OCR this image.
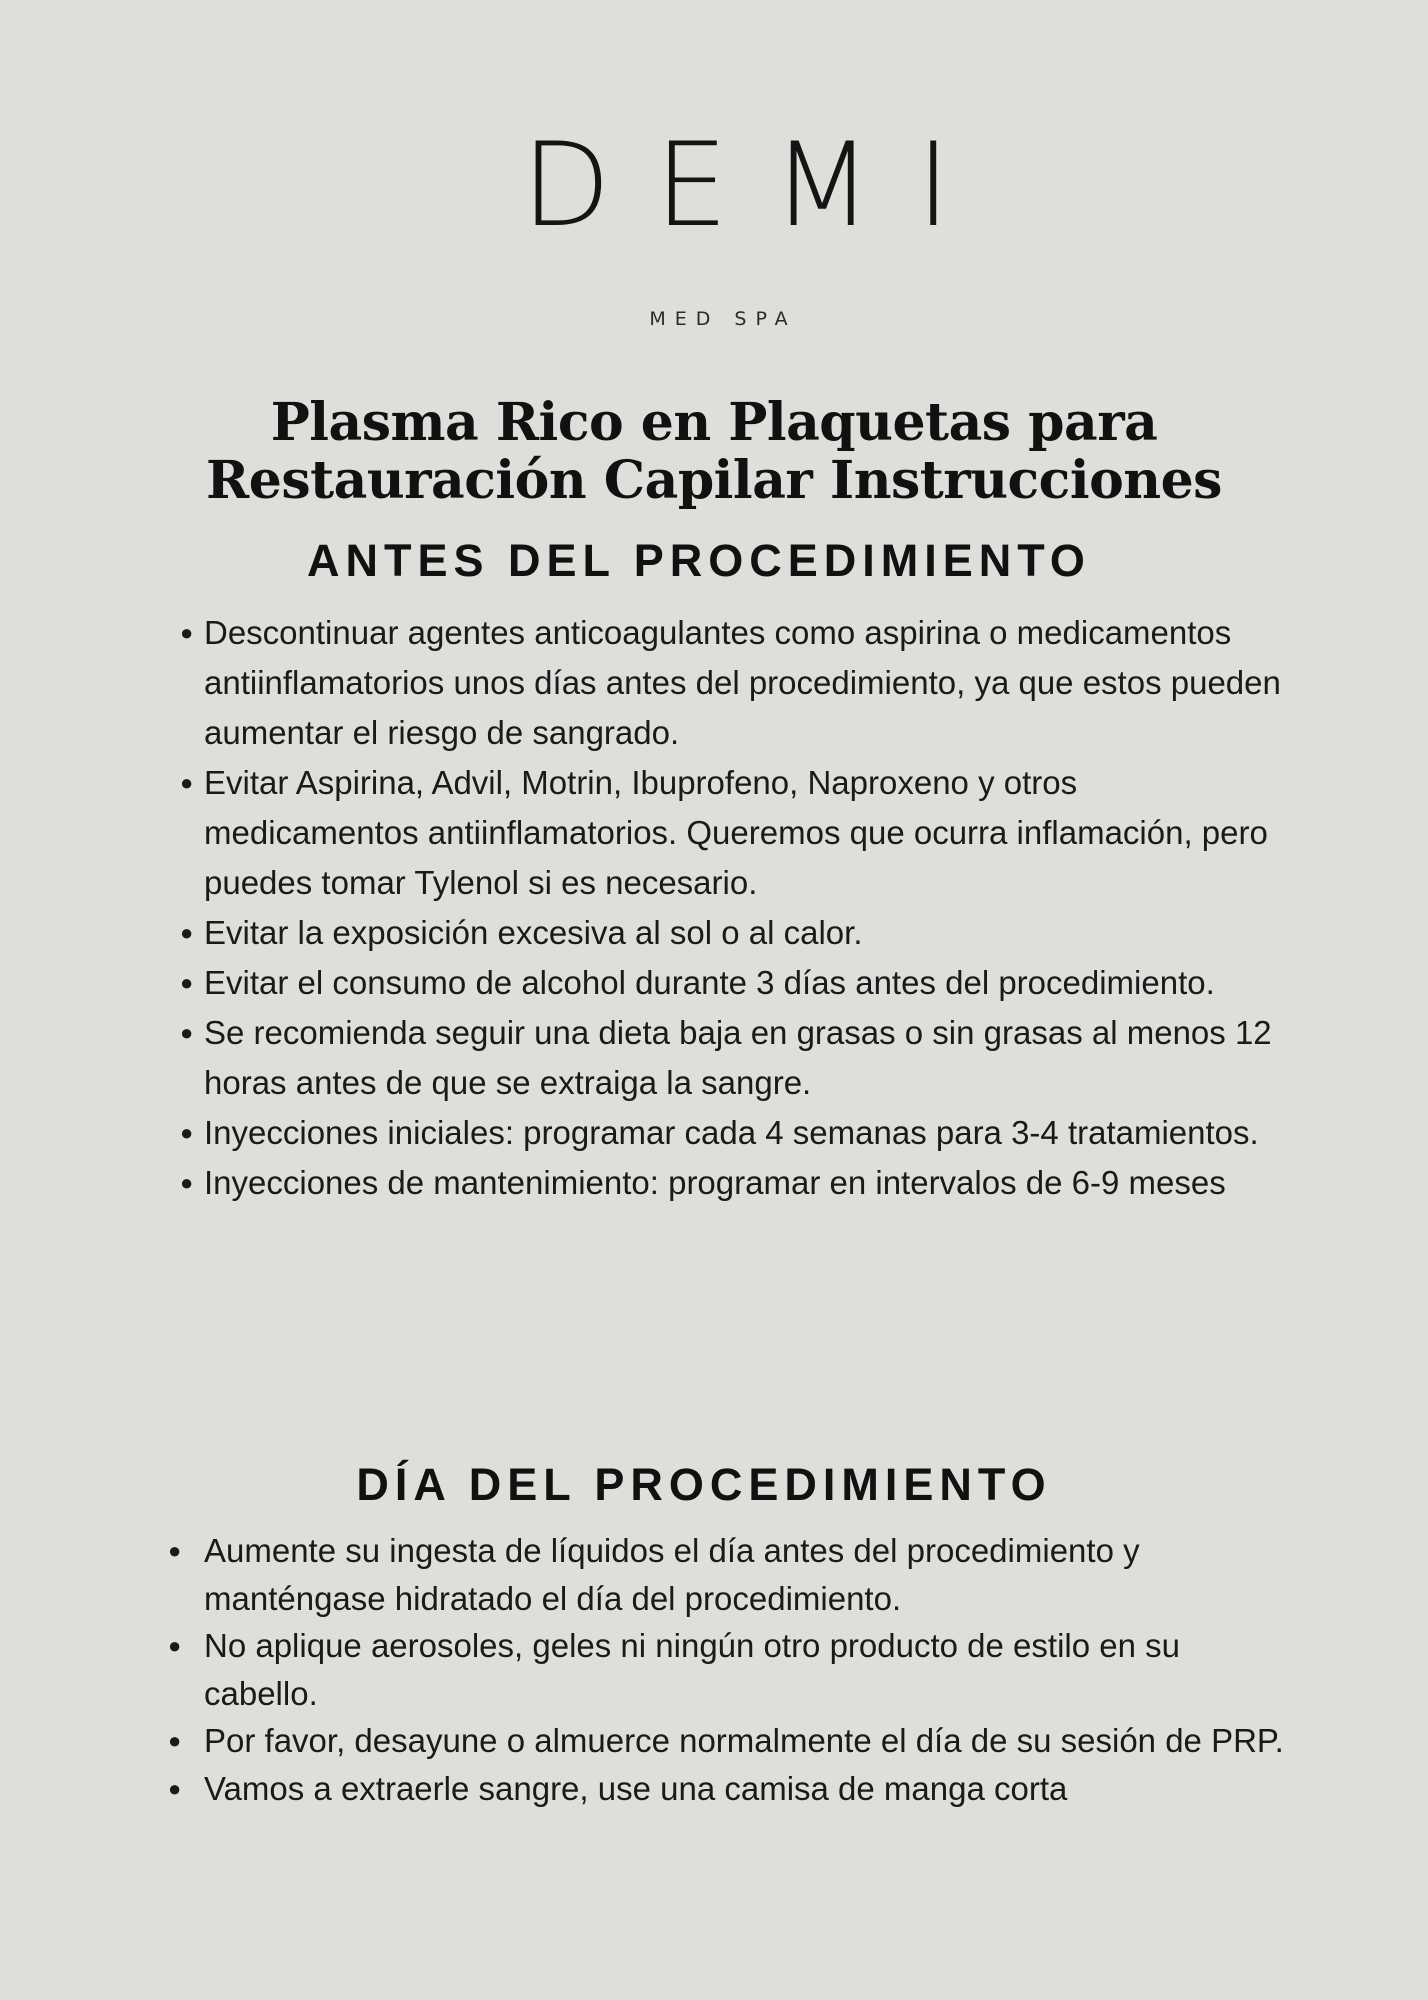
DEMI
MED SPA
Plasma Rico en Plaquetas para
Restauración Capilar Instrucciones
ANTES DEL PROCEDIMIENTO
● Descontinuar agentes anticoagulantes como aspirina o medicamentos antiinflamatorios unos días antes del procedimiento, ya que estos pueden aumentar el riesgo de sangrado.
● Evitar Aspirina, Advil, Motrin, Ibuprofeno, Naproxeno y otros medicamentos antiinflamatorios. Queremos que ocurra inflamación, pero puedes tomar Tylenol si es necesario.
● Evitar la exposición excesiva al sol o al calor.
● Evitar el consumo de alcohol durante 3 días antes del procedimiento.
● Se recomienda seguir una dieta baja en grasas o sin grasas al menos 12 horas antes de que se extraiga la sangre.
● Inyecciones iniciales: programar cada 4 semanas para 3-4 tratamientos.
● Inyecciones de mantenimiento: programar en intervalos de 6-9 meses
DÍA DEL PROCEDIMIENTO
● Aumente su ingesta de líquidos el día antes del procedimiento y manténgase hidratado el día del procedimiento.
● No aplique aerosoles, geles ni ningún otro producto de estilo en su cabello.
● Por favor, desayune o almuerce normalmente el día de su sesión de PRP.
● Vamos a extraerle sangre, use una camisa de manga corta
